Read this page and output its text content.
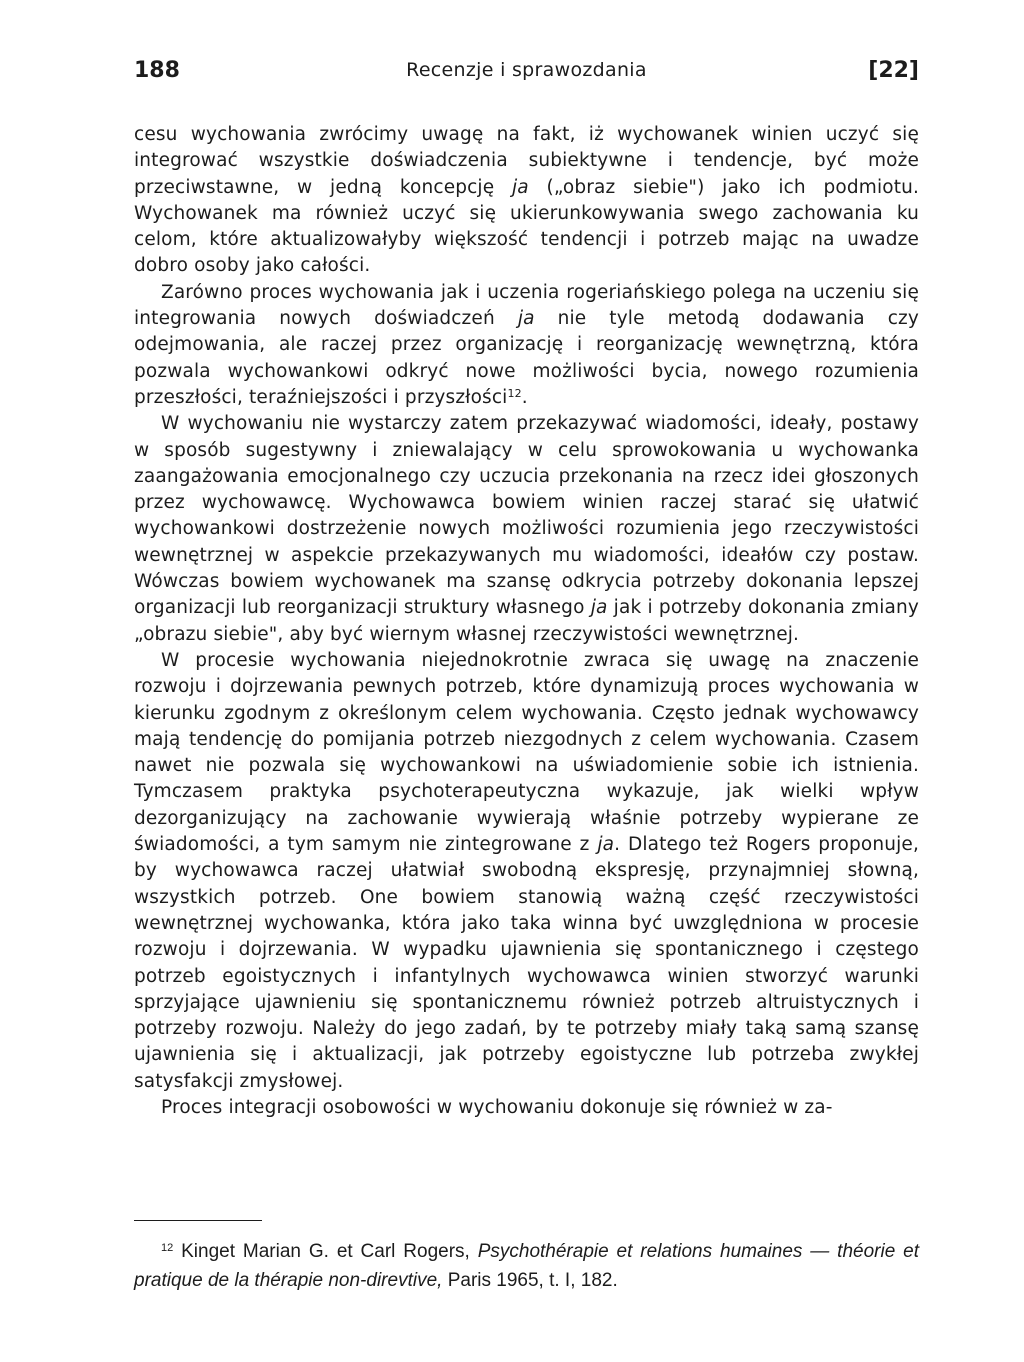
188	Recenzje i sprawozdania	[22]

cesu wychowania zwrócimy uwagę na fakt, iż wychowanek winien uczyć się integrować wszystkie doświadczenia subiektywne i tendencje, być może przeciwstawne, w jedną koncepcję ja („obraz siebie") jako ich podmiotu. Wychowanek ma również uczyć się ukierunkowywania swego zachowania ku celom, które aktualizowałyby większość tendencji i potrzeb mając na uwadze dobro osoby jako całości.

Zarówno proces wychowania jak i uczenia rogeriańskiego polega na uczeniu się integrowania nowych doświadczeń ja nie tyle metodą dodawania czy odejmowania, ale raczej przez organizację i reorganizację wewnętrzną, która pozwala wychowankowi odkryć nowe możliwości bycia, nowego rozumienia przeszłości, teraźniejszości i przyszłości$^{12}$.

W wychowaniu nie wystarczy zatem przekazywać wiadomości, ideały, postawy w sposób sugestywny i zniewalający w celu sprowokowania u wychowanka zaangażowania emocjonalnego czy uczucia przekonania na rzecz idei głoszonych przez wychowawcę. Wychowawca bowiem winien raczej starać się ułatwić wychowankowi dostrzeżenie nowych możliwości rozumienia jego rzeczywistości wewnętrznej w aspekcie przekazywanych mu wiadomości, ideałów czy postaw. Wówczas bowiem wychowanek ma szansę odkrycia potrzeby dokonania lepszej organizacji lub reorganizacji struktury własnego ja jak i potrzeby dokonania zmiany „obrazu siebie", aby być wiernym własnej rzeczywistości wewnętrznej.

W procesie wychowania niejednokrotnie zwraca się uwagę na znaczenie rozwoju i dojrzewania pewnych potrzeb, które dynamizują proces wychowania w kierunku zgodnym z określonym celem wychowania. Często jednak wychowawcy mają tendencję do pomijania potrzeb niezgodnych z celem wychowania. Czasem nawet nie pozwala się wychowankowi na uświadomienie sobie ich istnienia. Tymczasem praktyka psychoterapeutyczna wykazuje, jak wielki wpływ dezorganizujący na zachowanie wywierają właśnie potrzeby wypierane ze świadomości, a tym samym nie zintegrowane z ja. Dlatego też Rogers proponuje, by wychowawca raczej ułatwiał swobodną ekspresję, przynajmniej słowną, wszystkich potrzeb. One bowiem stanowią ważną część rzeczywistości wewnętrznej wychowanka, która jako taka winna być uwzględniona w procesie rozwoju i dojrzewania. W wypadku ujawnienia się spontanicznego i częstego potrzeb egoistycznych i infantylnych wychowawca winien stworzyć warunki sprzyjające ujawnieniu się spontanicznemu również potrzeb altruistycznych i potrzeby rozwoju. Należy do jego zadań, by te potrzeby miały taką samą szansę ujawnienia się i aktualizacji, jak potrzeby egoistyczne lub potrzeba zwykłej satysfakcji zmysłowej.

Proces integracji osobowości w wychowaniu dokonuje się również w za-

$^{12}$ Kinget Marian G. et Carl Rogers, Psychothérapie et relations humaines — théorie et pratique de la thérapie non-direvtive, Paris 1965, t. I, 182.
